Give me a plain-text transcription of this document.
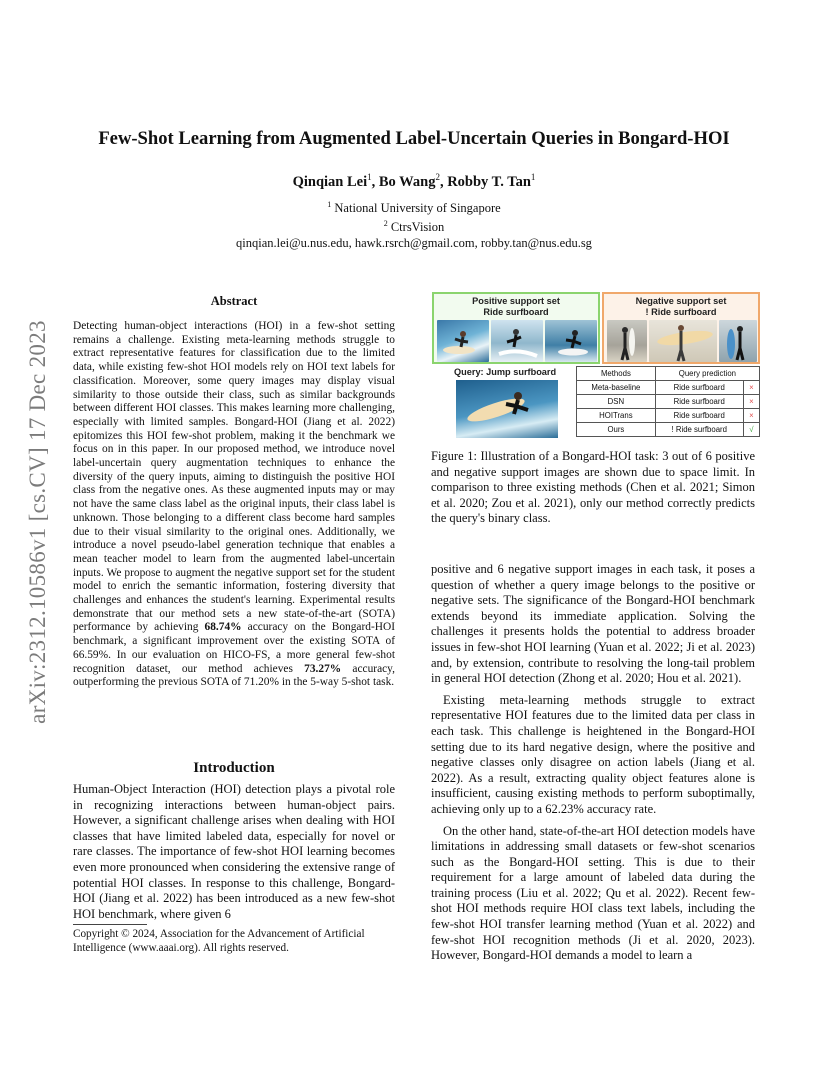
arXiv:2312.10586v1 [cs.CV] 17 Dec 2023
Few-Shot Learning from Augmented Label-Uncertain Queries in Bongard-HOI
Qinqian Lei$^1$, Bo Wang$^2$, Robby T. Tan$^1$
$^1$ National University of Singapore
$^2$ CtrsVision
qinqian.lei@u.nus.edu, hawk.rsrch@gmail.com, robby.tan@nus.edu.sg
Abstract
Detecting human-object interactions (HOI) in a few-shot setting remains a challenge. Existing meta-learning methods struggle to extract representative features for classification due to the limited data, while existing few-shot HOI models rely on HOI text labels for classification. Moreover, some query images may display visual similarity to those outside their class, such as similar backgrounds between different HOI classes. This makes learning more challenging, especially with limited samples. Bongard-HOI (Jiang et al. 2022) epitomizes this HOI few-shot problem, making it the benchmark we focus on in this paper. In our proposed method, we introduce novel label-uncertain query augmentation techniques to enhance the diversity of the query inputs, aiming to distinguish the positive HOI class from the negative ones. As these augmented inputs may or may not have the same class label as the original inputs, their class label is unknown. Those belonging to a different class become hard samples due to their visual similarity to the original ones. Additionally, we introduce a novel pseudo-label generation technique that enables a mean teacher model to learn from the augmented label-uncertain inputs. We propose to augment the negative support set for the student model to enrich the semantic information, fostering diversity that challenges and enhances the student's learning. Experimental results demonstrate that our method sets a new state-of-the-art (SOTA) performance by achieving 68.74% accuracy on the Bongard-HOI benchmark, a significant improvement over the existing SOTA of 66.59%. In our evaluation on HICO-FS, a more general few-shot recognition dataset, our method achieves 73.27% accuracy, outperforming the previous SOTA of 71.20% in the 5-way 5-shot task.
Introduction
Human-Object Interaction (HOI) detection plays a pivotal role in recognizing interactions between human-object pairs. However, a significant challenge arises when dealing with HOI classes that have limited labeled data, especially for novel or rare classes. The importance of few-shot HOI learning becomes even more pronounced when considering the extensive range of potential HOI classes. In response to this challenge, Bongard-HOI (Jiang et al. 2022) has been introduced as a new few-shot HOI benchmark, where given 6
Copyright © 2024, Association for the Advancement of Artificial Intelligence (www.aaai.org). All rights reserved.
Positive support set
Ride surfboard
Negative support set
! Ride surfboard
Query: Jump surfboard	Methods	Query prediction	
Meta-baseline	Ride surfboard	×
DSN	Ride surfboard	×
HOITrans	Ride surfboard	×
Ours	! Ride surfboard	√
Figure 1: Illustration of a Bongard-HOI task: 3 out of 6 positive and negative support images are shown due to space limit. In comparison to three existing methods (Chen et al. 2021; Simon et al. 2020; Zou et al. 2021), only our method correctly predicts the query's binary class.

positive and 6 negative support images in each task, it poses a question of whether a query image belongs to the positive or negative sets. The significance of the Bongard-HOI benchmark extends beyond its immediate application. Solving the challenges it presents holds the potential to address broader issues in few-shot HOI learning (Yuan et al. 2022; Ji et al. 2023) and, by extension, contribute to resolving the long-tail problem in general HOI detection (Zhong et al. 2020; Hou et al. 2021).

Existing meta-learning methods struggle to extract representative HOI features due to the limited data per class in each task. This challenge is heightened in the Bongard-HOI setting due to its hard negative design, where the positive and negative classes only disagree on action labels (Jiang et al. 2022). As a result, extracting quality object features alone is insufficient, causing existing methods to perform suboptimally, achieving only up to a 62.23% accuracy rate.

On the other hand, state-of-the-art HOI detection models have limitations in addressing small datasets or few-shot scenarios such as the Bongard-HOI setting. This is due to their requirement for a large amount of labeled data during the training process (Liu et al. 2022; Qu et al. 2022). Recent few-shot HOI methods require HOI class text labels, including the few-shot HOI transfer learning method (Yuan et al. 2022) and few-shot HOI recognition methods (Ji et al. 2020, 2023). However, Bongard-HOI demands a model to learn a
